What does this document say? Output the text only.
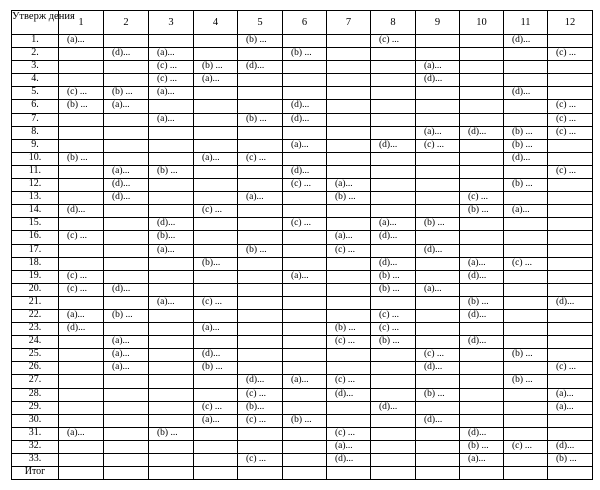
Утверж дения	1	2	3	4	5	6	7	8	9	10	11	12
1.	(a)...				(b) ...			(c) ...			(d)...	
2.		(d)...	(a)...			(b) ...						(c) ...
3.			(c) ...	(b) ...	(d)...				(a)...			
4.			(c) ...	(a)...					(d)...			
5.	(c) ...	(b) ...	(a)...								(d)...	
6.	(b) ...	(a)...				(d)...						(c) ...
7.			(a)...		(b) ...	(d)...						(c) ...
8.									(a)...	(d)...	(b) ...	(c) ...
9.						(a)...		(d)...	(c) ...		(b) ...	
10.	(b) ...			(a)...	(c) ...						(d)...	
11.		(a)...	(b) ...			(d)...						(c) ...
12.		(d)...				(c) ...	(a)...				(b) ...	
13.		(d)...			(a)...		(b) ...			(c) ...		
14.	(d)...			(c) ...						(b) ...	(a)...	
15.			(d)...			(c) ...		(a)...	(b) ...			
16.	(c) ...		(b)...				(a)...	(d)...				
17.			(a)...		(b) ...		(c) ...		(d)...			
18.				(b)...				(d)...		(a)...	(c) ...	
19.	(c) ...					(a)...		(b) ...		(d)...		
20.	(c) ...	(d)...						(b) ...	(a)...			
21.			(a)...	(c) ...						(b) ...		(d)...
22.	(a)...	(b) ...						(c) ...		(d)...		
23.	(d)...			(a)...			(b) ...	(c) ...				
24.		(a)...					(c) ...	(b) ...		(d)...		
25.		(a)...		(d)...					(c) ...		(b) ...	
26.		(a)...		(b) ...					(d)...			(c) ...
27.					(d)...	(a)...	(c) ...				(b) ...	
28.					(c) ...		(d)...		(b) ...			(a)...
29.				(c) ...	(b)...			(d)...				(a)...
30.				(a)...	(c) ...	(b) ...			(d)...			
31.	(a)...		(b) ...				(c) ...			(d)...		
32.							(a)...			(b) ...	(c) ...	(d)...
33.					(c) ...		(d)...			(a)...		(b) ...
Итог												
